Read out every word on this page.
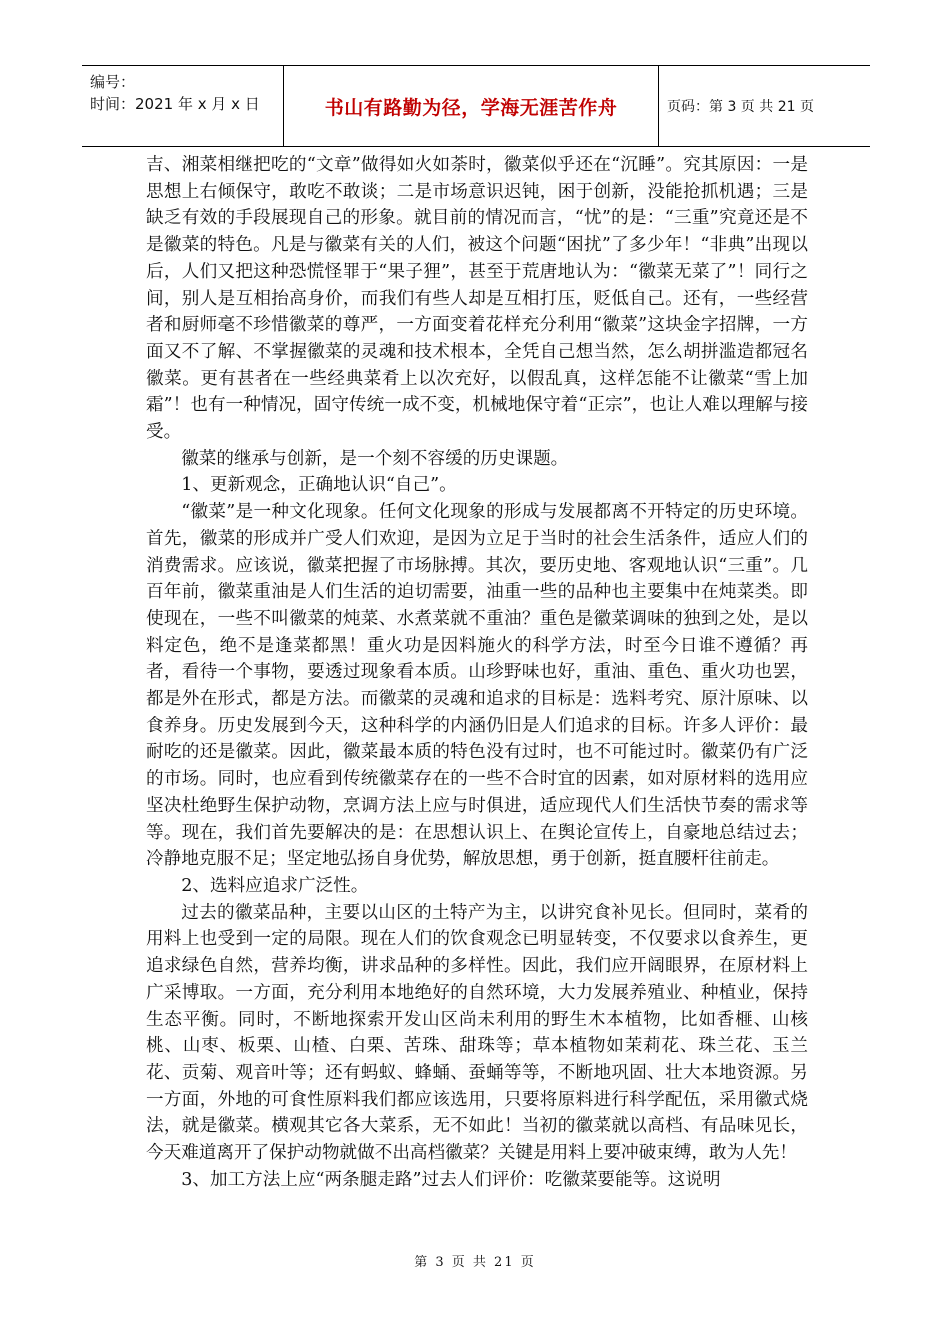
编号：
时间：2021 年 x 月 x 日	书山有路勤为径，学海无涯苦作舟	页码：第 3 页 共 21 页

吉、湘菜相继把吃的“文章”做得如火如荼时，徽菜似乎还在“沉睡”。究其原因：一是思想上右倾保守，敢吃不敢谈；二是市场意识迟钝，困于创新，没能抢抓机遇；三是缺乏有效的手段展现自己的形象。就目前的情况而言，“忧”的是：“三重”究竟还是不是徽菜的特色。凡是与徽菜有关的人们，被这个问题“困扰”了多少年！“非典”出现以后，人们又把这种恐慌怪罪于“果子狸”，甚至于荒唐地认为：“徽菜无菜了”！同行之间，别人是互相抬高身价，而我们有些人却是互相打压，贬低自己。还有，一些经营者和厨师毫不珍惜徽菜的尊严，一方面变着花样充分利用“徽菜”这块金字招牌，一方面又不了解、不掌握徽菜的灵魂和技术根本，全凭自己想当然，怎么胡拼滥造都冠名徽菜。更有甚者在一些经典菜肴上以次充好，以假乱真，这样怎能不让徽菜“雪上加霜”！也有一种情况，固守传统一成不变，机械地保守着“正宗”，也让人难以理解与接受。

徽菜的继承与创新，是一个刻不容缓的历史课题。

1、更新观念，正确地认识“自己”。

“徽菜”是一种文化现象。任何文化现象的形成与发展都离不开特定的历史环境。首先，徽菜的形成并广受人们欢迎，是因为立足于当时的社会生活条件，适应人们的消费需求。应该说，徽菜把握了市场脉搏。其次，要历史地、客观地认识“三重”。几百年前，徽菜重油是人们生活的迫切需要，油重一些的品种也主要集中在炖菜类。即使现在，一些不叫徽菜的炖菜、水煮菜就不重油？重色是徽菜调味的独到之处，是以料定色，绝不是逢菜都黑！重火功是因料施火的科学方法，时至今日谁不遵循？再者，看待一个事物，要透过现象看本质。山珍野味也好，重油、重色、重火功也罢，都是外在形式，都是方法。而徽菜的灵魂和追求的目标是：选料考究、原汁原味、以食养身。历史发展到今天，这种科学的内涵仍旧是人们追求的目标。许多人评价：最耐吃的还是徽菜。因此，徽菜最本质的特色没有过时，也不可能过时。徽菜仍有广泛的市场。同时，也应看到传统徽菜存在的一些不合时宜的因素，如对原材料的选用应坚决杜绝野生保护动物，烹调方法上应与时俱进，适应现代人们生活快节奏的需求等等。现在，我们首先要解决的是：在思想认识上、在舆论宣传上，自豪地总结过去；冷静地克服不足；坚定地弘扬自身优势，解放思想，勇于创新，挺直腰杆往前走。

2、选料应追求广泛性。

过去的徽菜品种，主要以山区的土特产为主，以讲究食补见长。但同时，菜肴的用料上也受到一定的局限。现在人们的饮食观念已明显转变，不仅要求以食养生，更追求绿色自然，营养均衡，讲求品种的多样性。因此，我们应开阔眼界，在原材料上广采博取。一方面，充分利用本地绝好的自然环境，大力发展养殖业、种植业，保持生态平衡。同时，不断地探索开发山区尚未利用的野生木本植物，比如香榧、山核桃、山枣、板栗、山楂、白栗、苦珠、甜珠等；草本植物如茉莉花、珠兰花、玉兰花、贡菊、观音叶等；还有蚂蚁、蜂蛹、蚕蛹等等，不断地巩固、壮大本地资源。另一方面，外地的可食性原料我们都应该选用，只要将原料进行科学配伍，采用徽式烧法，就是徽菜。横观其它各大菜系，无不如此！当初的徽菜就以高档、有品味见长，今天难道离开了保护动物就做不出高档徽菜？关键是用料上要冲破束缚，敢为人先！

3、加工方法上应“两条腿走路”过去人们评价：吃徽菜要能等。这说明

第 3 页 共 21 页
